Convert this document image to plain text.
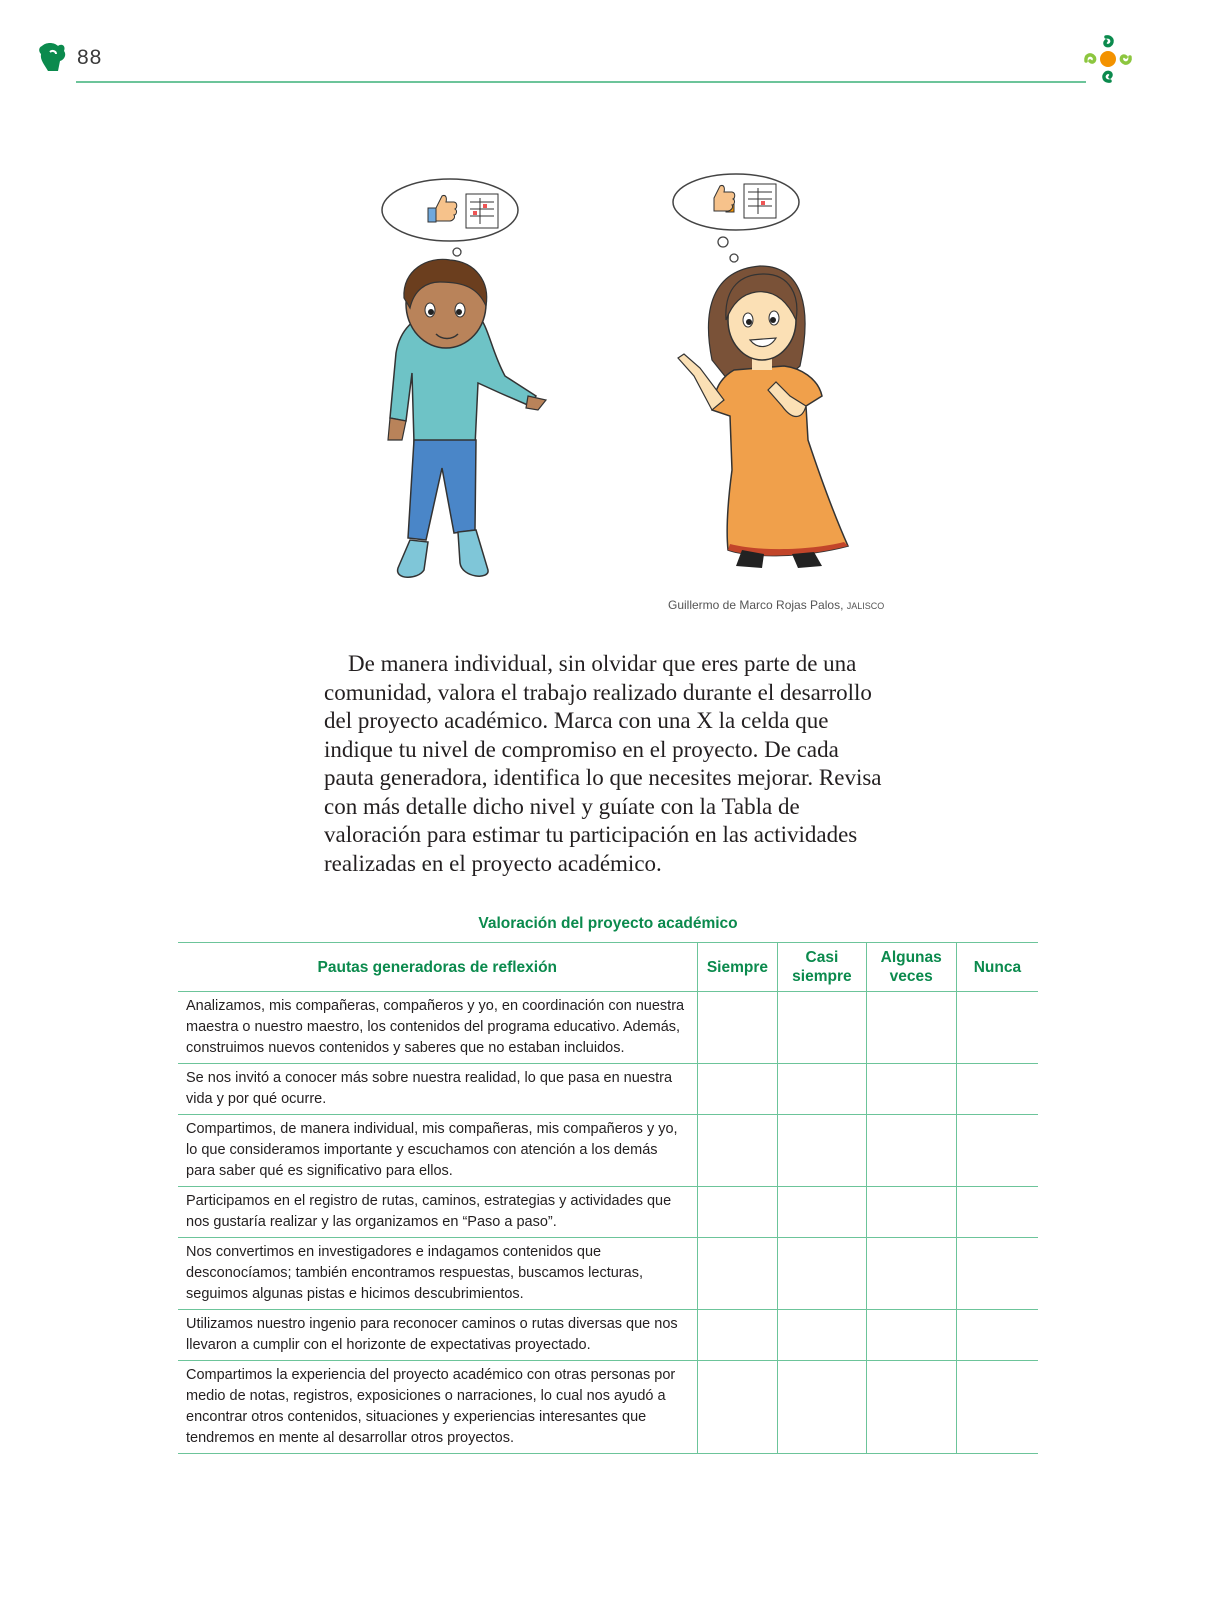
88
Guillermo de Marco Rojas Palos, JALISCO

De manera individual, sin olvidar que eres parte de una comunidad, valora el trabajo realizado durante el desarrollo del proyecto académico. Marca con una X la celda que indique tu nivel de compromiso en el proyecto. De cada pauta generadora, identifica lo que necesites mejorar. Revisa con más detalle dicho nivel y guíate con la Tabla de valoración para estimar tu participación en las actividades realizadas en el proyecto académico.

Valoración del proyecto académico
Pautas generadoras de reflexión	Siempre	Casi siempre	Algunas veces	Nunca
Analizamos, mis compañeras, compañeros y yo, en coordinación con nuestra maestra o nuestro maestro, los contenidos del programa educativo. Además, construimos nuevos contenidos y saberes que no estaban incluidos.				
Se nos invitó a conocer más sobre nuestra realidad, lo que pasa en nuestra vida y por qué ocurre.				
Compartimos, de manera individual, mis compañeras, mis compañeros y yo, lo que consideramos importante y escuchamos con atención a los demás para saber qué es significativo para ellos.				
Participamos en el registro de rutas, caminos, estrategias y actividades que nos gustaría realizar y las organizamos en “Paso a paso”.				
Nos convertimos en investigadores e indagamos contenidos que desconocíamos; también encontramos respuestas, buscamos lecturas, seguimos algunas pistas e hicimos descubrimientos.				
Utilizamos nuestro ingenio para reconocer caminos o rutas diversas que nos llevaron a cumplir con el horizonte de expectativas proyectado.				
Compartimos la experiencia del proyecto académico con otras personas por medio de notas, registros, exposiciones o narraciones, lo cual nos ayudó a encontrar otros contenidos, situaciones y experiencias interesantes que tendremos en mente al desarrollar otros proyectos.				
